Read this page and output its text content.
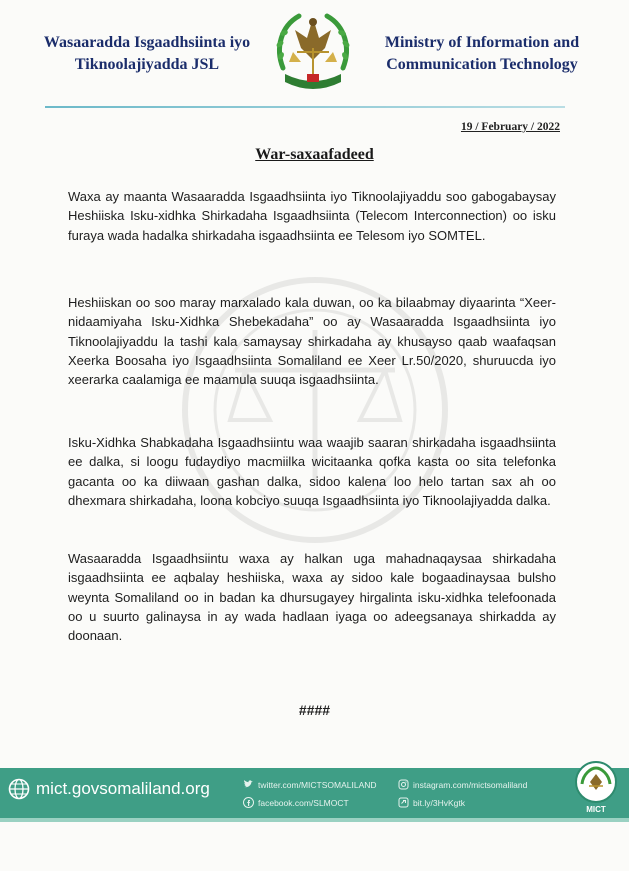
Wasaaradda Isgaadhsiinta iyo
Tiknoolajiyadda JSL
Ministry of Information and
Communication Technology
19 / February / 2022
War-saxaafadeed
Waxa ay maanta Wasaaradda Isgaadhsiinta iyo Tiknoolajiyaddu soo gabogabaysay Heshiiska Isku-xidhka Shirkadaha Isgaadhsiinta (Telecom Interconnection) oo isku furaya wada hadalka shirkadaha isgaadhsiinta ee Telesom iyo SOMTEL.
Heshiiskan oo soo maray marxalado kala duwan, oo ka bilaabmay diyaarinta “Xeer-nidaamiyaha Isku-Xidhka Shebekadaha” oo ay Wasaaradda Isgaadhsiinta iyo Tiknoolajiyaddu la tashi kala samaysay shirkadaha ay khusayso qaab waafaqsan Xeerka Boosaha iyo Isgaadhsiinta Somaliland ee Xeer Lr.50/2020, shuruucda iyo xeerarka caalamiga ee maamula suuqa isgaadhsiinta.
Isku-Xidhka Shabkadaha Isgaadhsiintu waa waajib saaran shirkadaha isgaadhsiinta ee dalka, si loogu fudaydiyo macmiilka wicitaanka qofka kasta oo sita telefonka gacanta oo ka diiwaan gashan dalka, sidoo kalena loo helo tartan sax ah oo dhexmara shirkadaha, loona kobciyo suuqa Isgaadhsiinta iyo Tiknoolajiyadda dalka.
Wasaaradda Isgaadhsiintu waxa ay halkan uga mahadnaqaysaa shirkadaha isgaadhsiinta ee aqbalay heshiiska, waxa ay sidoo kale bogaadinaysaa bulsho weynta Somaliland oo in badan ka dhursugayey hirgalinta isku-xidhka telefoonada oo u suurto galinaysa in ay wada hadlaan iyaga oo adeegsanaya shirkadda ay doonaan.
####
mict.govsomaliland.org	twitter.com/MICTSOMALILAND
facebook.com/SLMOCT
instagram.com/mictsomaliland
bit.ly/3HvKgtk
MICT
